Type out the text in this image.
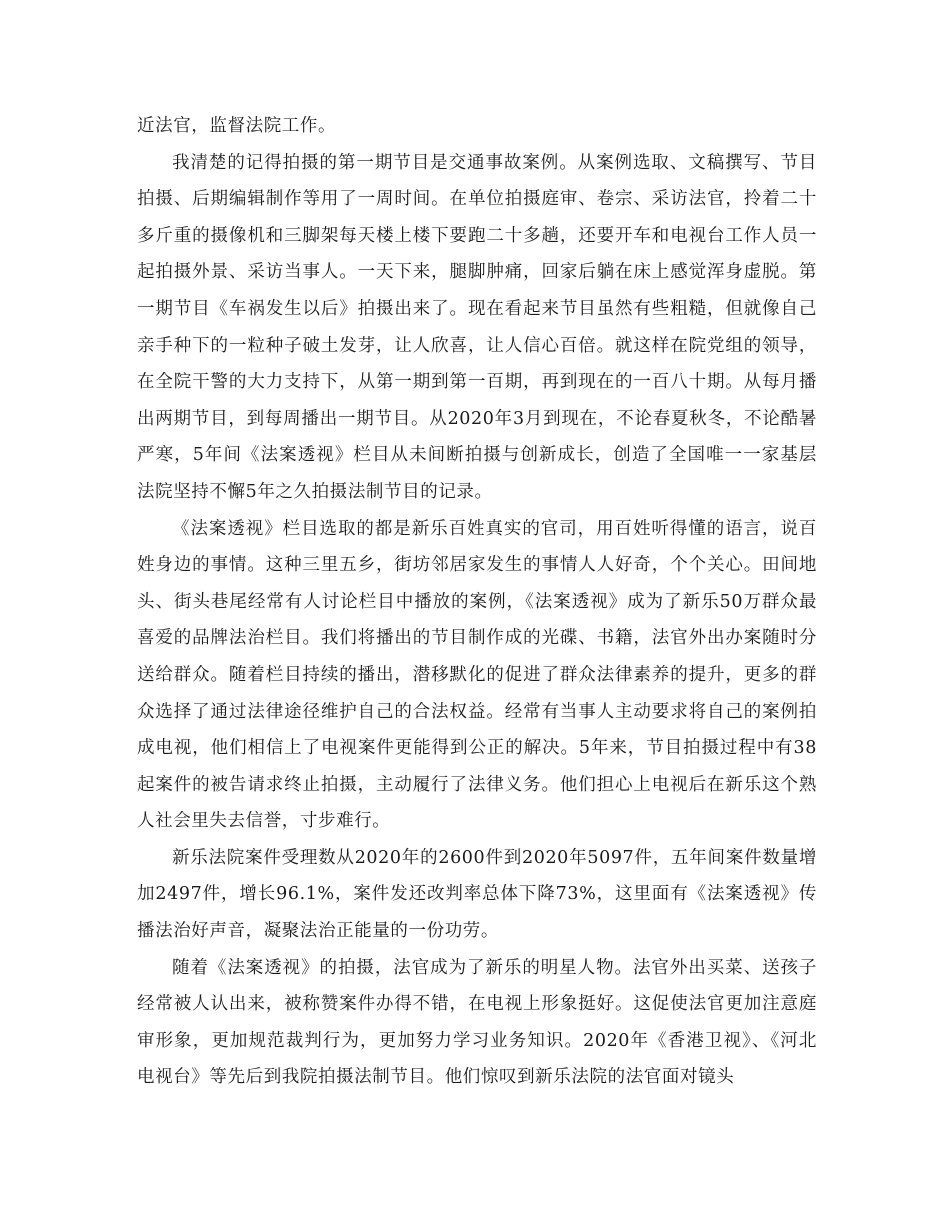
近法官，监督法院工作。

我清楚的记得拍摄的第一期节目是交通事故案例。从案例选取、文稿撰写、节目拍摄、后期编辑制作等用了一周时间。在单位拍摄庭审、卷宗、采访法官，拎着二十多斤重的摄像机和三脚架每天楼上楼下要跑二十多趟，还要开车和电视台工作人员一起拍摄外景、采访当事人。一天下来，腿脚肿痛，回家后躺在床上感觉浑身虚脱。第一期节目《车祸发生以后》拍摄出来了。现在看起来节目虽然有些粗糙，但就像自己亲手种下的一粒种子破土发芽，让人欣喜，让人信心百倍。就这样在院党组的领导，在全院干警的大力支持下，从第一期到第一百期，再到现在的一百八十期。从每月播出两期节目，到每周播出一期节目。从2020年3月到现在，不论春夏秋冬，不论酷暑严寒，5年间《法案透视》栏目从未间断拍摄与创新成长，创造了全国唯一一家基层法院坚持不懈5年之久拍摄法制节目的记录。

《法案透视》栏目选取的都是新乐百姓真实的官司，用百姓听得懂的语言，说百姓身边的事情。这种三里五乡，街坊邻居家发生的事情人人好奇，个个关心。田间地头、街头巷尾经常有人讨论栏目中播放的案例，《法案透视》成为了新乐50万群众最喜爱的品牌法治栏目。我们将播出的节目制作成的光碟、书籍，法官外出办案随时分送给群众。随着栏目持续的播出，潜移默化的促进了群众法律素养的提升，更多的群众选择了通过法律途径维护自己的合法权益。经常有当事人主动要求将自己的案例拍成电视，他们相信上了电视案件更能得到公正的解决。5年来，节目拍摄过程中有38起案件的被告请求终止拍摄，主动履行了法律义务。他们担心上电视后在新乐这个熟人社会里失去信誉，寸步难行。

新乐法院案件受理数从2020年的2600件到2020年5097件，五年间案件数量增加2497件，增长96.1%，案件发还改判率总体下降73%，这里面有《法案透视》传播法治好声音，凝聚法治正能量的一份功劳。

随着《法案透视》的拍摄，法官成为了新乐的明星人物。法官外出买菜、送孩子经常被人认出来，被称赞案件办得不错，在电视上形象挺好。这促使法官更加注意庭审形象，更加规范裁判行为，更加努力学习业务知识。2020年《香港卫视》、《河北电视台》等先后到我院拍摄法制节目。他们惊叹到新乐法院的法官面对镜头
